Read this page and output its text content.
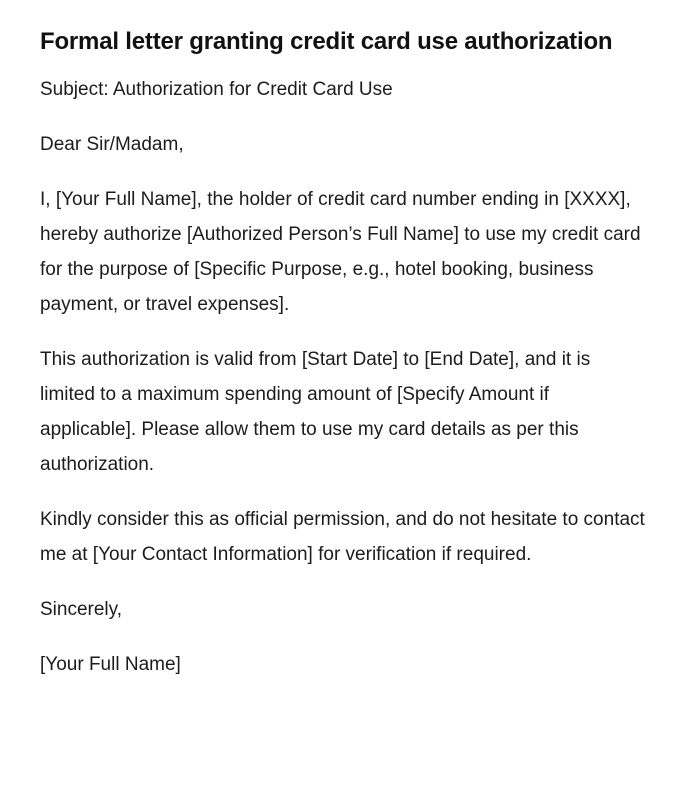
Formal letter granting credit card use authorization

Subject: Authorization for Credit Card Use

Dear Sir/Madam,

I, [Your Full Name], the holder of credit card number ending in [XXXX], hereby authorize [Authorized Person’s Full Name] to use my credit card for the purpose of [Specific Purpose, e.g., hotel booking, business payment, or travel expenses].

This authorization is valid from [Start Date] to [End Date], and it is limited to a maximum spending amount of [Specify Amount if applicable]. Please allow them to use my card details as per this authorization.

Kindly consider this as official permission, and do not hesitate to contact me at [Your Contact Information] for verification if required.

Sincerely,

[Your Full Name]
